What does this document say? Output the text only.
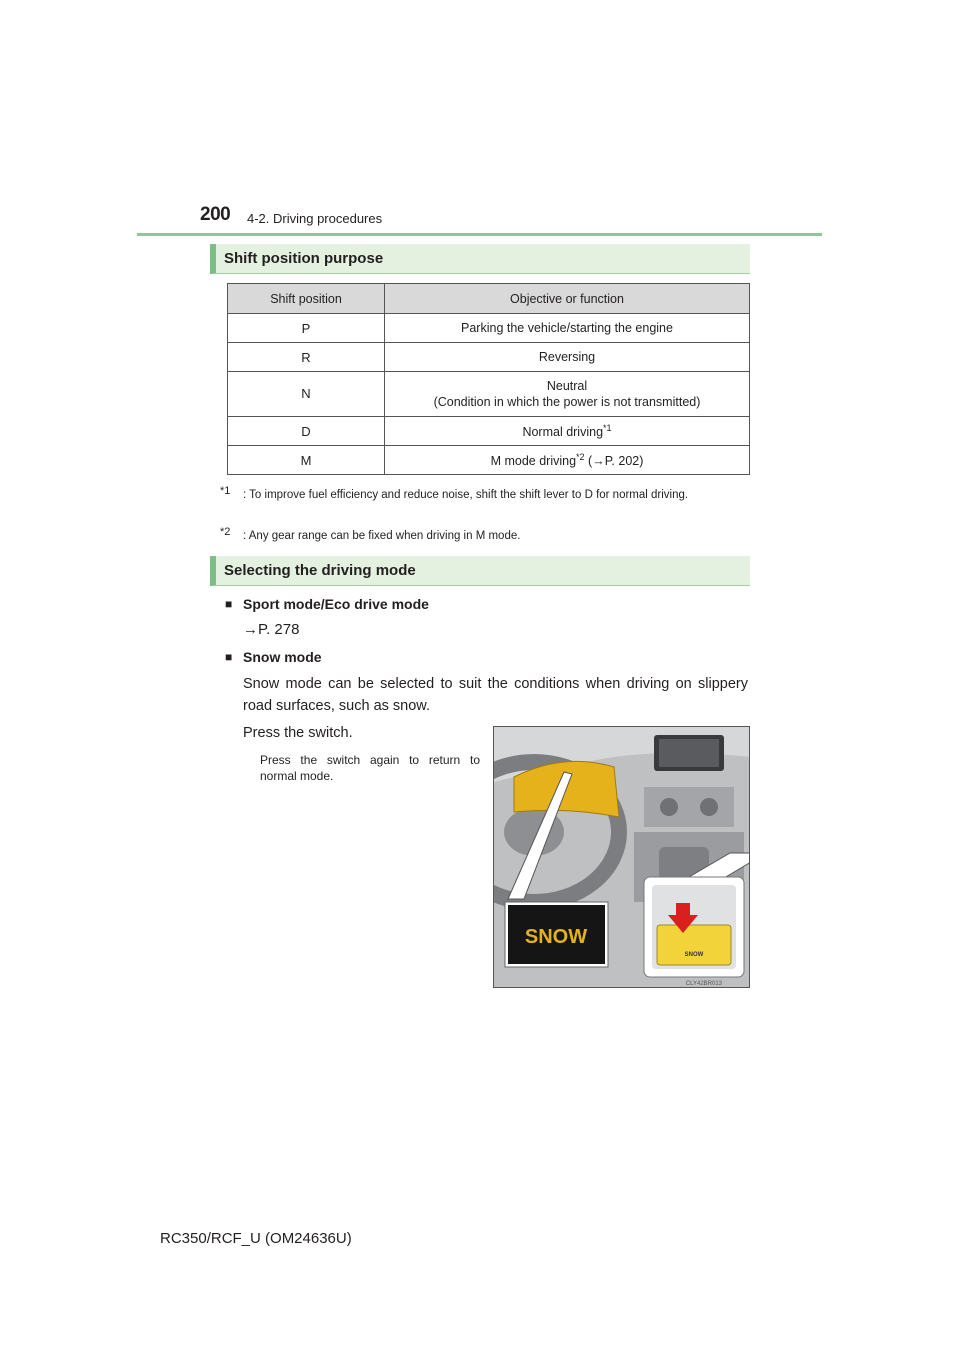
200 4-2. Driving procedures
Shift position purpose
Shift position	Objective or function
P	Parking the vehicle/starting the engine
R	Reversing
N	Neutral
(Condition in which the power is not transmitted)

D	Normal driving$^{*1}$
M	M mode driving$^{*2}$ (→P. 202)
*1	: To improve fuel efficiency and reduce noise, shift the shift lever to D for normal driving.
*2	: Any gear range can be fixed when driving in M mode.
Selecting the driving mode
■ Sport mode/Eco drive mode
→P. 278
■ Snow mode
Snow mode can be selected to suit the conditions when driving on slippery road surfaces, such as snow.
Press the switch.
Press the switch again to return to normal mode.
SNOW
SNOW
CLY42BR013
RC350/RCF_U (OM24636U)
